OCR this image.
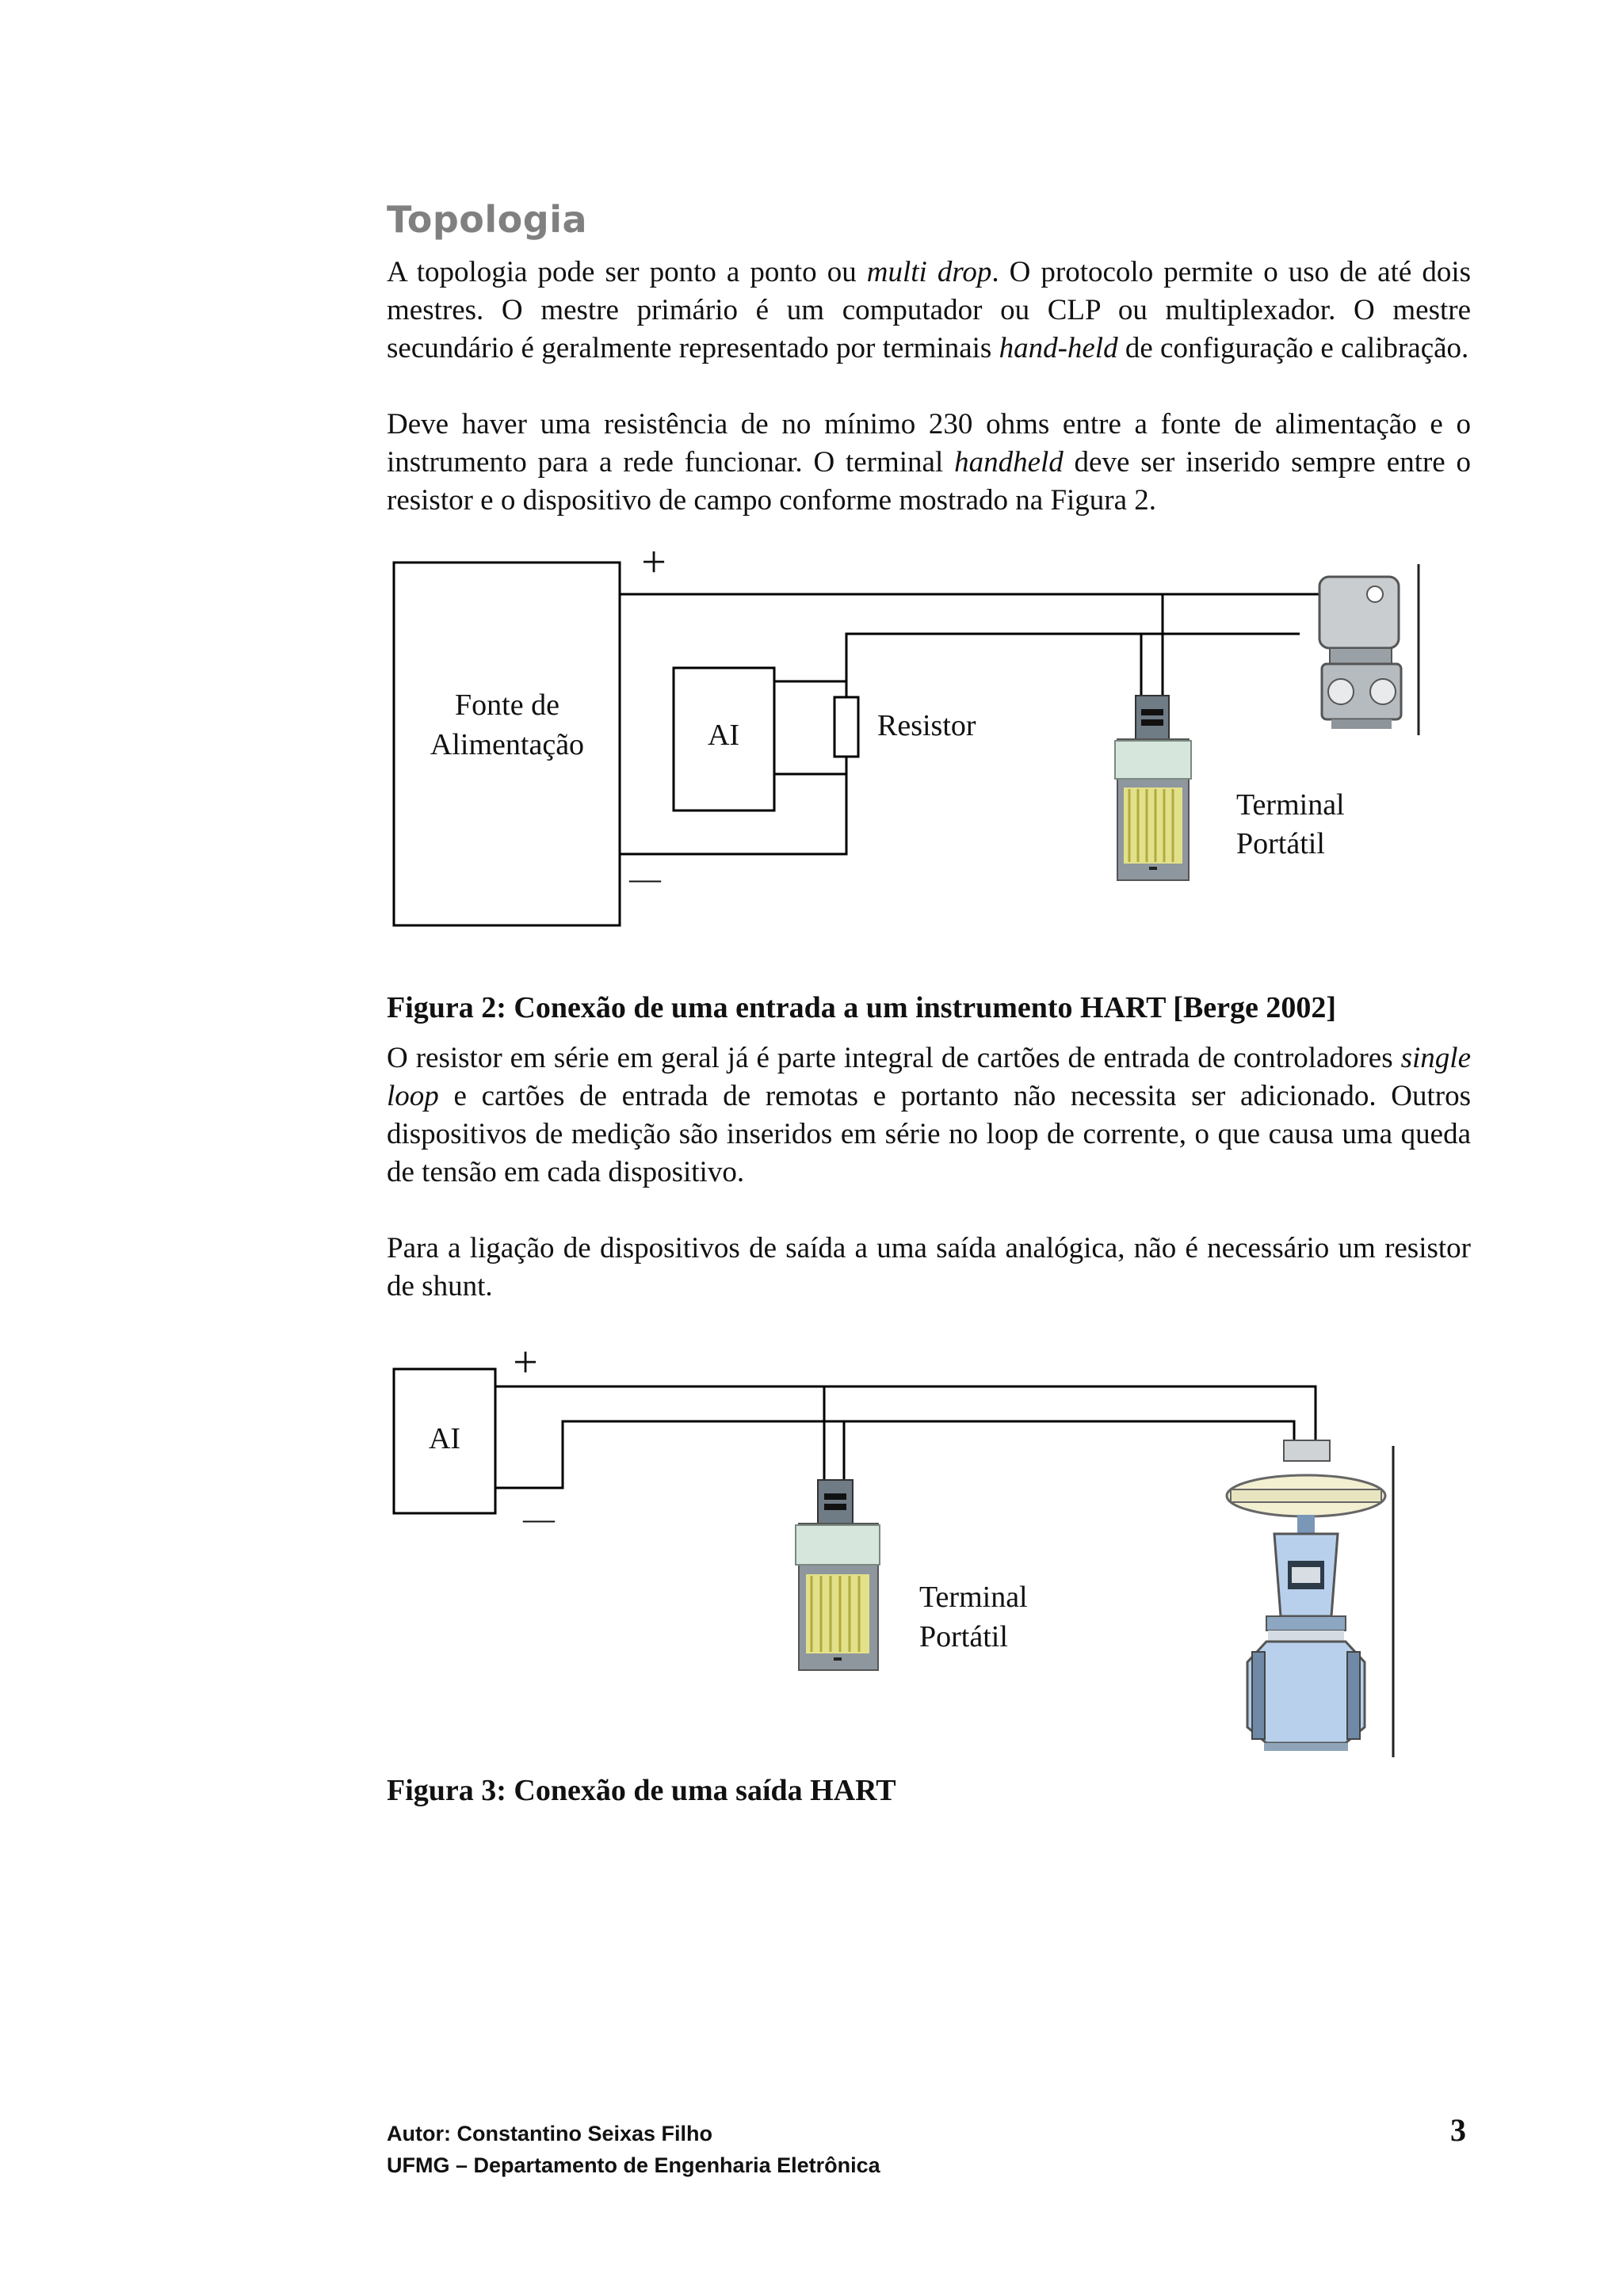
Topologia
A topologia pode ser ponto a ponto ou multi drop. O protocolo permite o uso de até dois mestres. O mestre primário é um computador ou CLP ou multiplexador. O mestre secundário é geralmente representado por terminais hand-held de configuração e calibração.
Deve haver uma resistência de no mínimo 230 ohms entre a fonte de alimentação e o instrumento para a rede funcionar. O terminal handheld deve ser inserido sempre entre o resistor e o dispositivo de campo conforme mostrado na Figura 2.
Fonte de
Alimentação
+
—
AI	Resistor
Terminal
Portátil
Figura 2: Conexão de uma entrada a um instrumento HART [Berge 2002]
O resistor em série em geral já é parte integral de cartões de entrada de controladores single loop e cartões de entrada de remotas e portanto não necessita ser adicionado. Outros dispositivos de medição são inseridos em série no loop de corrente, o que causa uma queda de tensão em cada dispositivo.
Para a ligação de dispositivos de saída a uma saída analógica, não é necessário um resistor de shunt.
AI
+
—
Terminal
Portátil
Figura 3: Conexão de uma saída HART
Autor: Constantino Seixas Filho
UFMG – Departamento de Engenharia Eletrônica
3
